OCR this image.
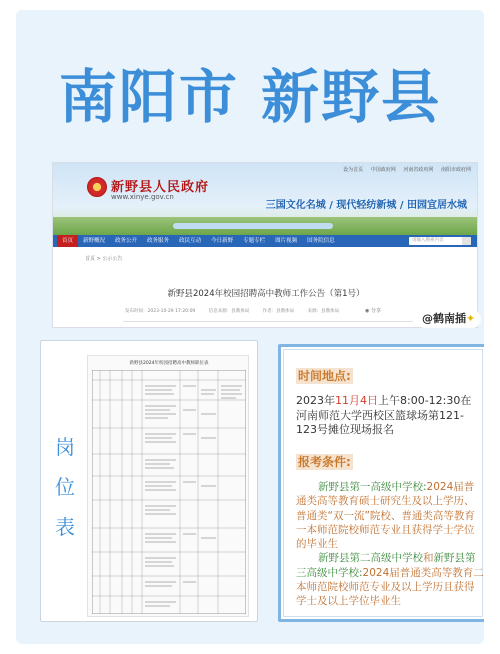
南阳市 新野县
设为首页 中国政府网 河南省政府网 南阳市政府网
新野县人民政府
www.xinye.gov.cn
三国文化名城 / 现代轻纺新城 / 田园宜居水城
首页	新野概况	政务公开	政务服务	政民互动	今日新野	专题专栏	图片视频	国务院信息	请输入搜索内容
首页 > 公示公告
新野县2024年校园招聘高中教师工作公告（第1号）
发布时间：2023-10-29 17:20:09	信息来源：县教体局	作者：县教体局	来源：县教体局	◉ 分享
@鹤南插✦
岗
位
表
新野县2024年校园招聘高中教师职位表
时间地点:
2023年11月4日上午8:00-12:30在河南师范大学西校区篮球场第121-123号摊位现场报名
报考条件:
新野县第一高级中学校:2024届普通类高等教育硕士研究生及以上学历、普通类“双一流”院校、普通类高等教育一本师范院校师范专业且获得学士学位的毕业生
新野县第二高级中学校和新野县第三高级中学校:2024届普通类高等教育二本师范院校师范专业及以上学历且获得学士及以上学位毕业生
